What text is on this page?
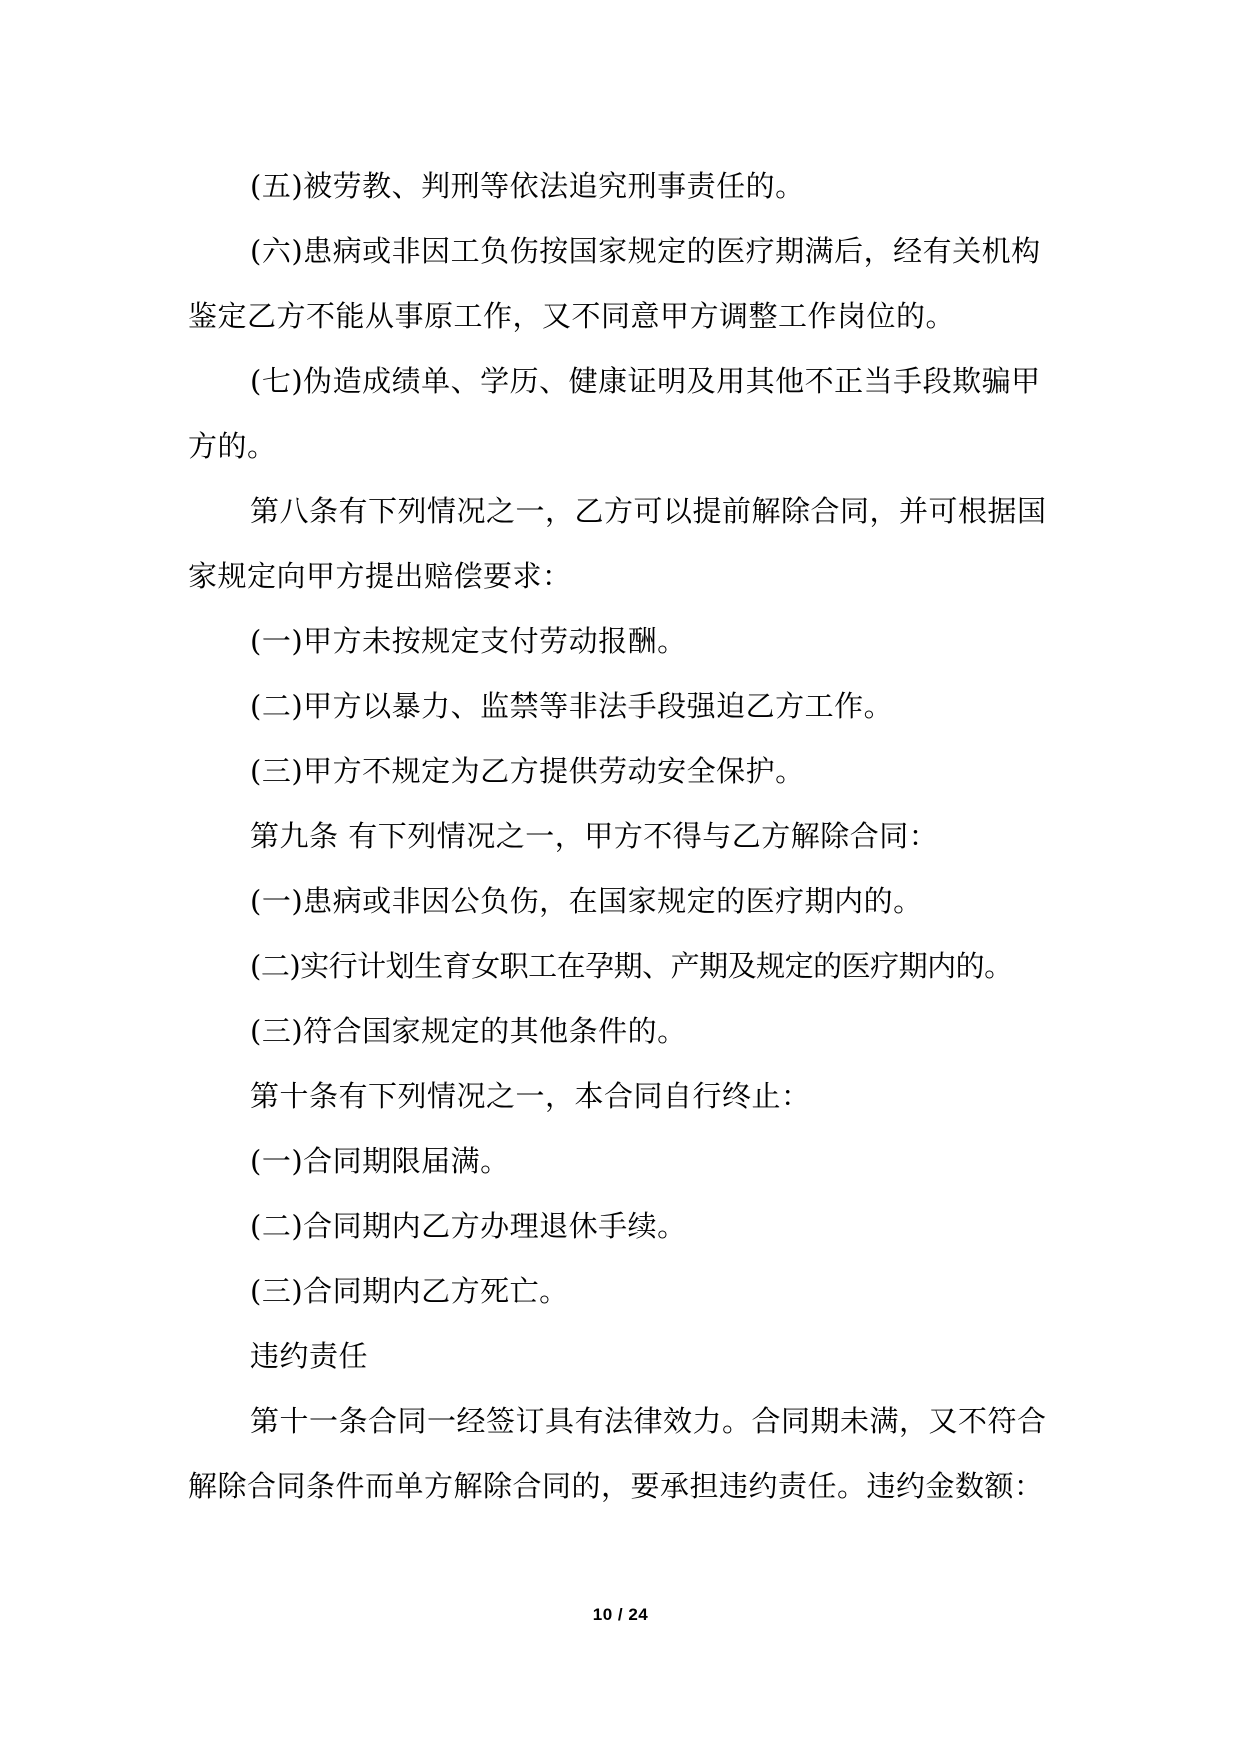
(五)被劳教、判刑等依法追究刑事责任的。

(六)患病或非因工负伤按国家规定的医疗期满后，经有关机构鉴定乙方不能从事原工作，又不同意甲方调整工作岗位的。

(七)伪造成绩单、学历、健康证明及用其他不正当手段欺骗甲方的。

第八条有下列情况之一，乙方可以提前解除合同，并可根据国家规定向甲方提出赔偿要求：

(一)甲方未按规定支付劳动报酬。

(二)甲方以暴力、监禁等非法手段强迫乙方工作。

(三)甲方不规定为乙方提供劳动安全保护。

第九条 有下列情况之一，甲方不得与乙方解除合同：

(一)患病或非因公负伤，在国家规定的医疗期内的。

(二)实行计划生育女职工在孕期、产期及规定的医疗期内的。

(三)符合国家规定的其他条件的。

第十条有下列情况之一，本合同自行终止：

(一)合同期限届满。

(二)合同期内乙方办理退休手续。

(三)合同期内乙方死亡。

违约责任

第十一条合同一经签订具有法律效力。合同期未满，又不符合解除合同条件而单方解除合同的，要承担违约责任。违约金数额：

10 / 24
